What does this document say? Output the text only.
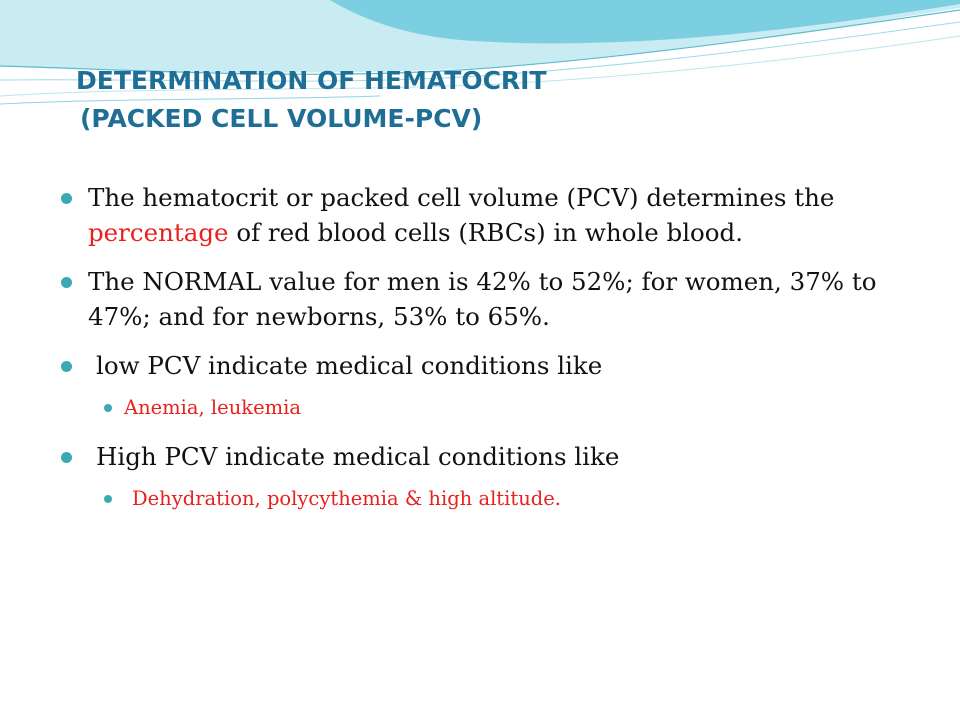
DETERMINATION OF HEMATOCRIT
(PACKED CELL VOLUME-PCV)
The hematocrit or packed cell volume (PCV) determines the percentage of red blood cells (RBCs) in whole blood.
The NORMAL value for men is 42% to 52%; for women, 37% to 47%; and for newborns, 53% to 65%.
low PCV indicate medical conditions like
Anemia, leukemia
High PCV indicate medical conditions like
Dehydration, polycythemia & high altitude.
